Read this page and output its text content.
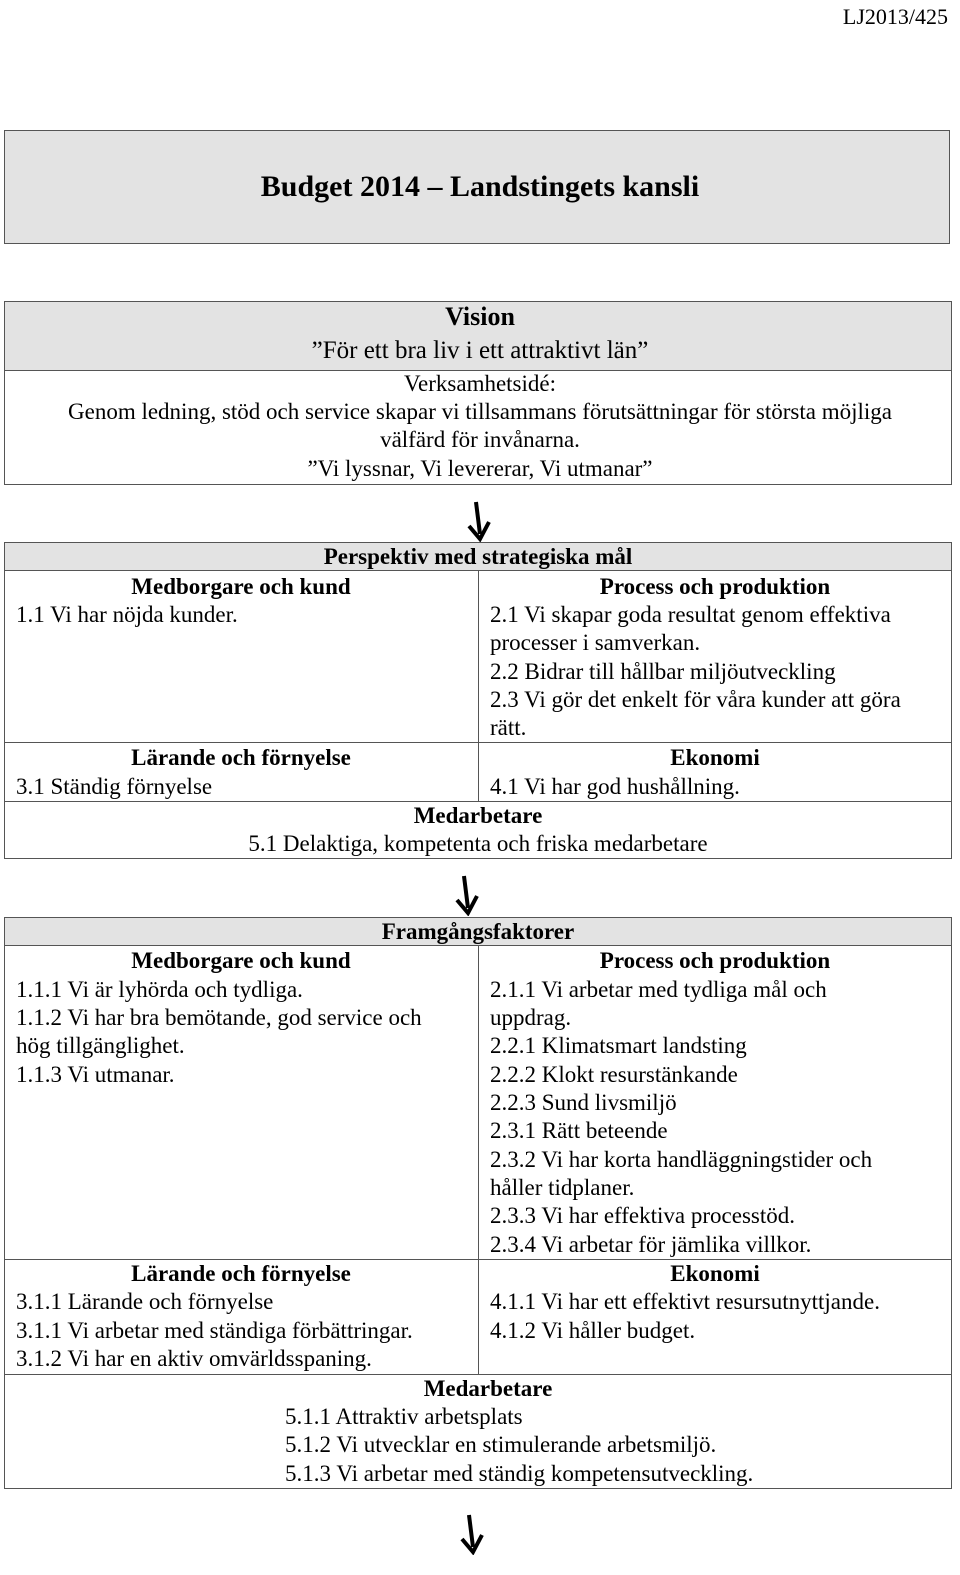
LJ2013/425
Budget 2014 – Landstingets kansli
Vision
”För ett bra liv i ett attraktivt län”
Verksamhetsidé:
Genom ledning, stöd och service skapar vi tillsammans förutsättningar för största möjliga
välfärd för invånarna.
”Vi lyssnar, Vi levererar, Vi utmanar”
Perspektiv med strategiska mål
Medborgare och kund
1.1 Vi har nöjda kunder.
Process och produktion
2.1 Vi skapar goda resultat genom effektiva
processer i samverkan.
2.2 Bidrar till hållbar miljöutveckling
2.3 Vi gör det enkelt för våra kunder att göra
rätt.
Lärande och förnyelse
3.1 Ständig förnyelse
Ekonomi
4.1 Vi har god hushållning.
Medarbetare
5.1 Delaktiga, kompetenta och friska medarbetare
Framgångsfaktorer
Medborgare och kund
1.1.1 Vi är lyhörda och tydliga.
1.1.2 Vi har bra bemötande, god service och
hög tillgänglighet.
1.1.3 Vi utmanar.
Process och produktion
2.1.1 Vi arbetar med tydliga mål och
uppdrag.
2.2.1 Klimatsmart landsting
2.2.2 Klokt resurstänkande
2.2.3 Sund livsmiljö
2.3.1 Rätt beteende
2.3.2 Vi har korta handläggningstider och
håller tidplaner.
2.3.3 Vi har effektiva processtöd.
2.3.4 Vi arbetar för jämlika villkor.
Lärande och förnyelse
3.1.1 Lärande och förnyelse
3.1.1 Vi arbetar med ständiga förbättringar.
3.1.2 Vi har en aktiv omvärldsspaning.
Ekonomi
4.1.1 Vi har ett effektivt resursutnyttjande.
4.1.2 Vi håller budget.
Medarbetare
5.1.1 Attraktiv arbetsplats
5.1.2 Vi utvecklar en stimulerande arbetsmiljö.
5.1.3 Vi arbetar med ständig kompetensutveckling.
